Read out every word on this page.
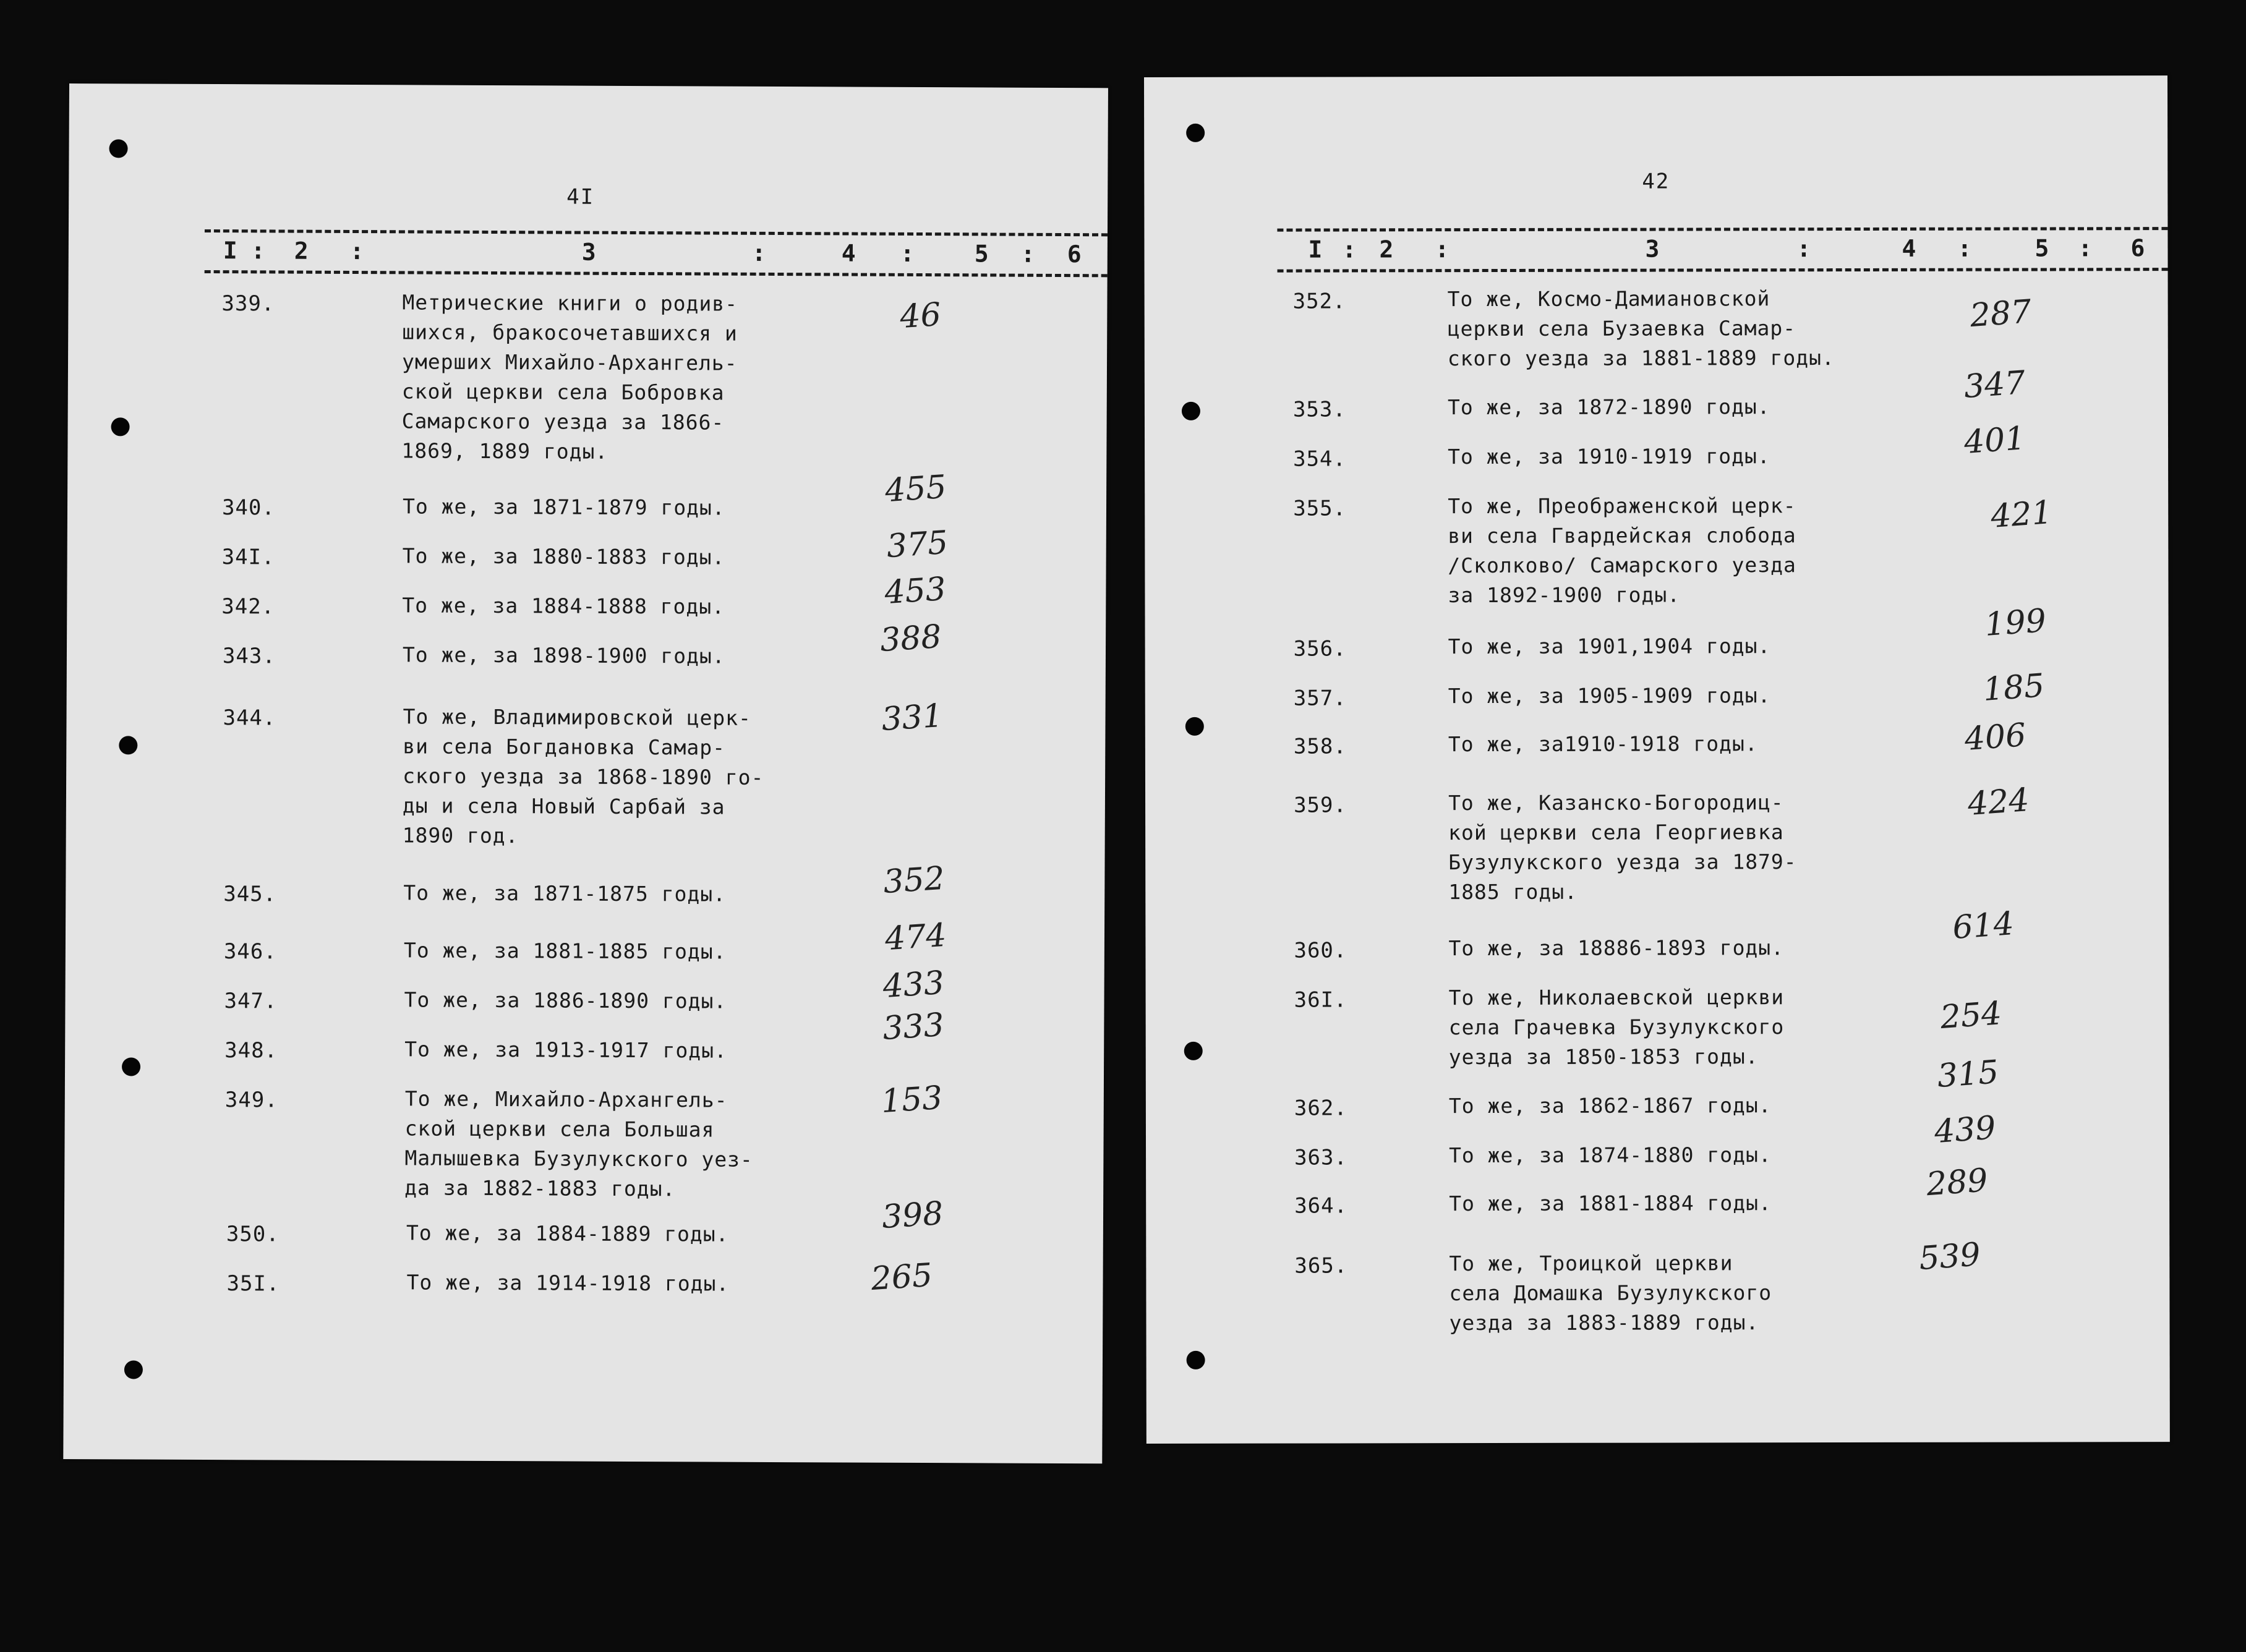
4I
I : 2 :	3	:	4 :	5 : 6
339.	Метрические книги о родив-
шихся, бракосочетавшихся и
умерших Михайло-Архангель-
ской церкви села Бобровка
Самарского уезда за 1866-
1869, 1889 годы.
46
340.	То же, за 1871-1879 годы.	455
34I.	То же, за 1880-1883 годы.	375
342.	То же, за 1884-1888 годы.	453
343.	То же, за 1898-1900 годы.	388
344.	То же, Владимировской церк-
ви села Богдановка Самар-
ского уезда за 1868-1890 го-
ды и села Новый Сарбай за
1890 год.
331
345.	То же, за 1871-1875 годы.	352
346.	То же, за 1881-1885 годы.	474
347.	То же, за 1886-1890 годы.	433
348.	То же, за 1913-1917 годы.
333
349.	То же, Михайло-Архангель-
ской церкви села Большая
Малышевка Бузулукского уез-
да за 1882-1883 годы.
153
350.	То же, за 1884-1889 годы.	398
35I.	То же, за 1914-1918 годы.	265
42
I : 2 :	3	:	4 :	5 : 6
352.	То же, Космо-Дамиановской
церкви села Бузаевка Самар-
ского уезда за 1881-1889 годы.
287
353.	То же, за 1872-1890 годы.
347
354.	То же, за 1910-1919 годы.	401
355.	То же, Преображенской церк-
ви села Гвардейская слобода
/Сколково/ Самарского уезда
за 1892-1900 годы.
421
356.	То же, за 1901,1904 годы.
199
357.	То же, за 1905-1909 годы.	185
358.	То же, за1910-1918 годы.	406
359.	То же, Казанско-Богородиц-
кой церкви села Георгиевка
Бузулукского уезда за 1879-
1885 годы.
424
360.	То же, за 18886-1893 годы.
614
36I.	То же, Николаевской церкви
села Грачевка Бузулукского
уезда за 1850-1853 годы.
254
362.	То же, за 1862-1867 годы.
315
363.	То же, за 1874-1880 годы.
439
364.	То же, за 1881-1884 годы.
289
365.	То же, Троицкой церкви
села Домашка Бузулукского
уезда за 1883-1889 годы.
539
